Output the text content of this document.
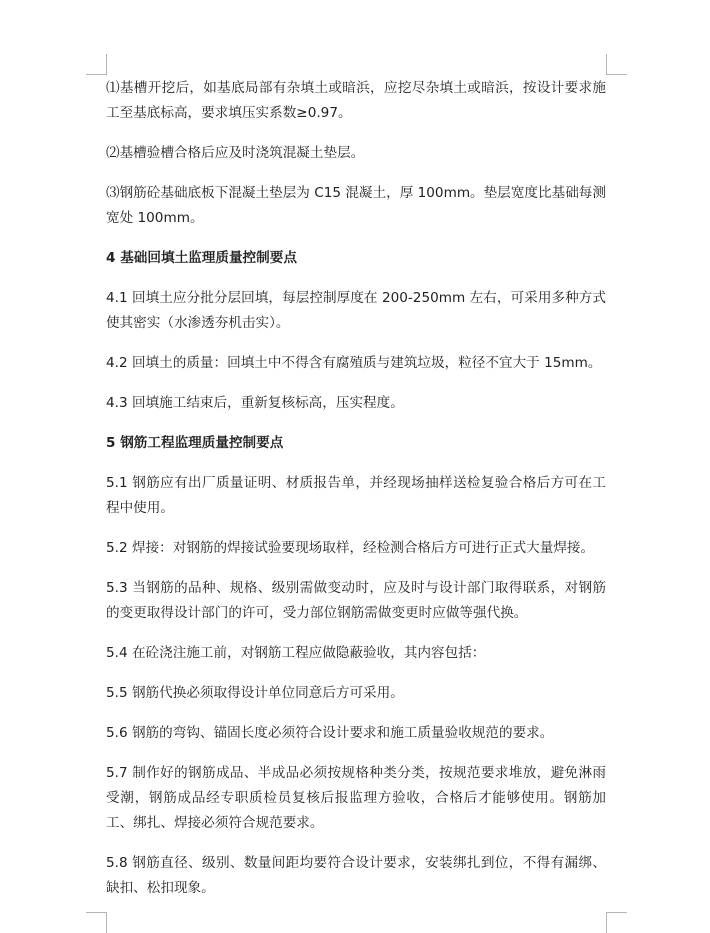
⑴基槽开挖后，如基底局部有杂填土或暗浜，应挖尽杂填土或暗浜，按设计要求施工至基底标高，要求填压实系数≥0.97。

⑵基槽验槽合格后应及时浇筑混凝土垫层。

⑶钢筋砼基础底板下混凝土垫层为 C15 混凝土，厚 100mm。垫层宽度比基础每测宽处 100mm。

4 基础回填土监理质量控制要点

4.1 回填土应分批分层回填，每层控制厚度在 200-250mm 左右，可采用多种方式使其密实（水渗透夯机击实）。

4.2 回填土的质量：回填土中不得含有腐殖质与建筑垃圾，粒径不宜大于 15mm。

4.3 回填施工结束后，重新复核标高，压实程度。

5 钢筋工程监理质量控制要点

5.1 钢筋应有出厂质量证明、材质报告单，并经现场抽样送检复验合格后方可在工程中使用。

5.2 焊接：对钢筋的焊接试验要现场取样，经检测合格后方可进行正式大量焊接。

5.3 当钢筋的品种、规格、级别需做变动时，应及时与设计部门取得联系，对钢筋的变更取得设计部门的许可，受力部位钢筋需做变更时应做等强代换。

5.4 在砼浇注施工前，对钢筋工程应做隐蔽验收，其内容包括：

5.5 钢筋代换必须取得设计单位同意后方可采用。

5.6 钢筋的弯钩、锚固长度必须符合设计要求和施工质量验收规范的要求。

5.7 制作好的钢筋成品、半成品必须按规格种类分类，按规范要求堆放，避免淋雨受潮，钢筋成品经专职质检员复核后报监理方验收，合格后才能够使用。钢筋加工、绑扎、焊接必须符合规范要求。

5.8 钢筋直径、级别、数量间距均要符合设计要求，安装绑扎到位，不得有漏绑、缺扣、松扣现象。
